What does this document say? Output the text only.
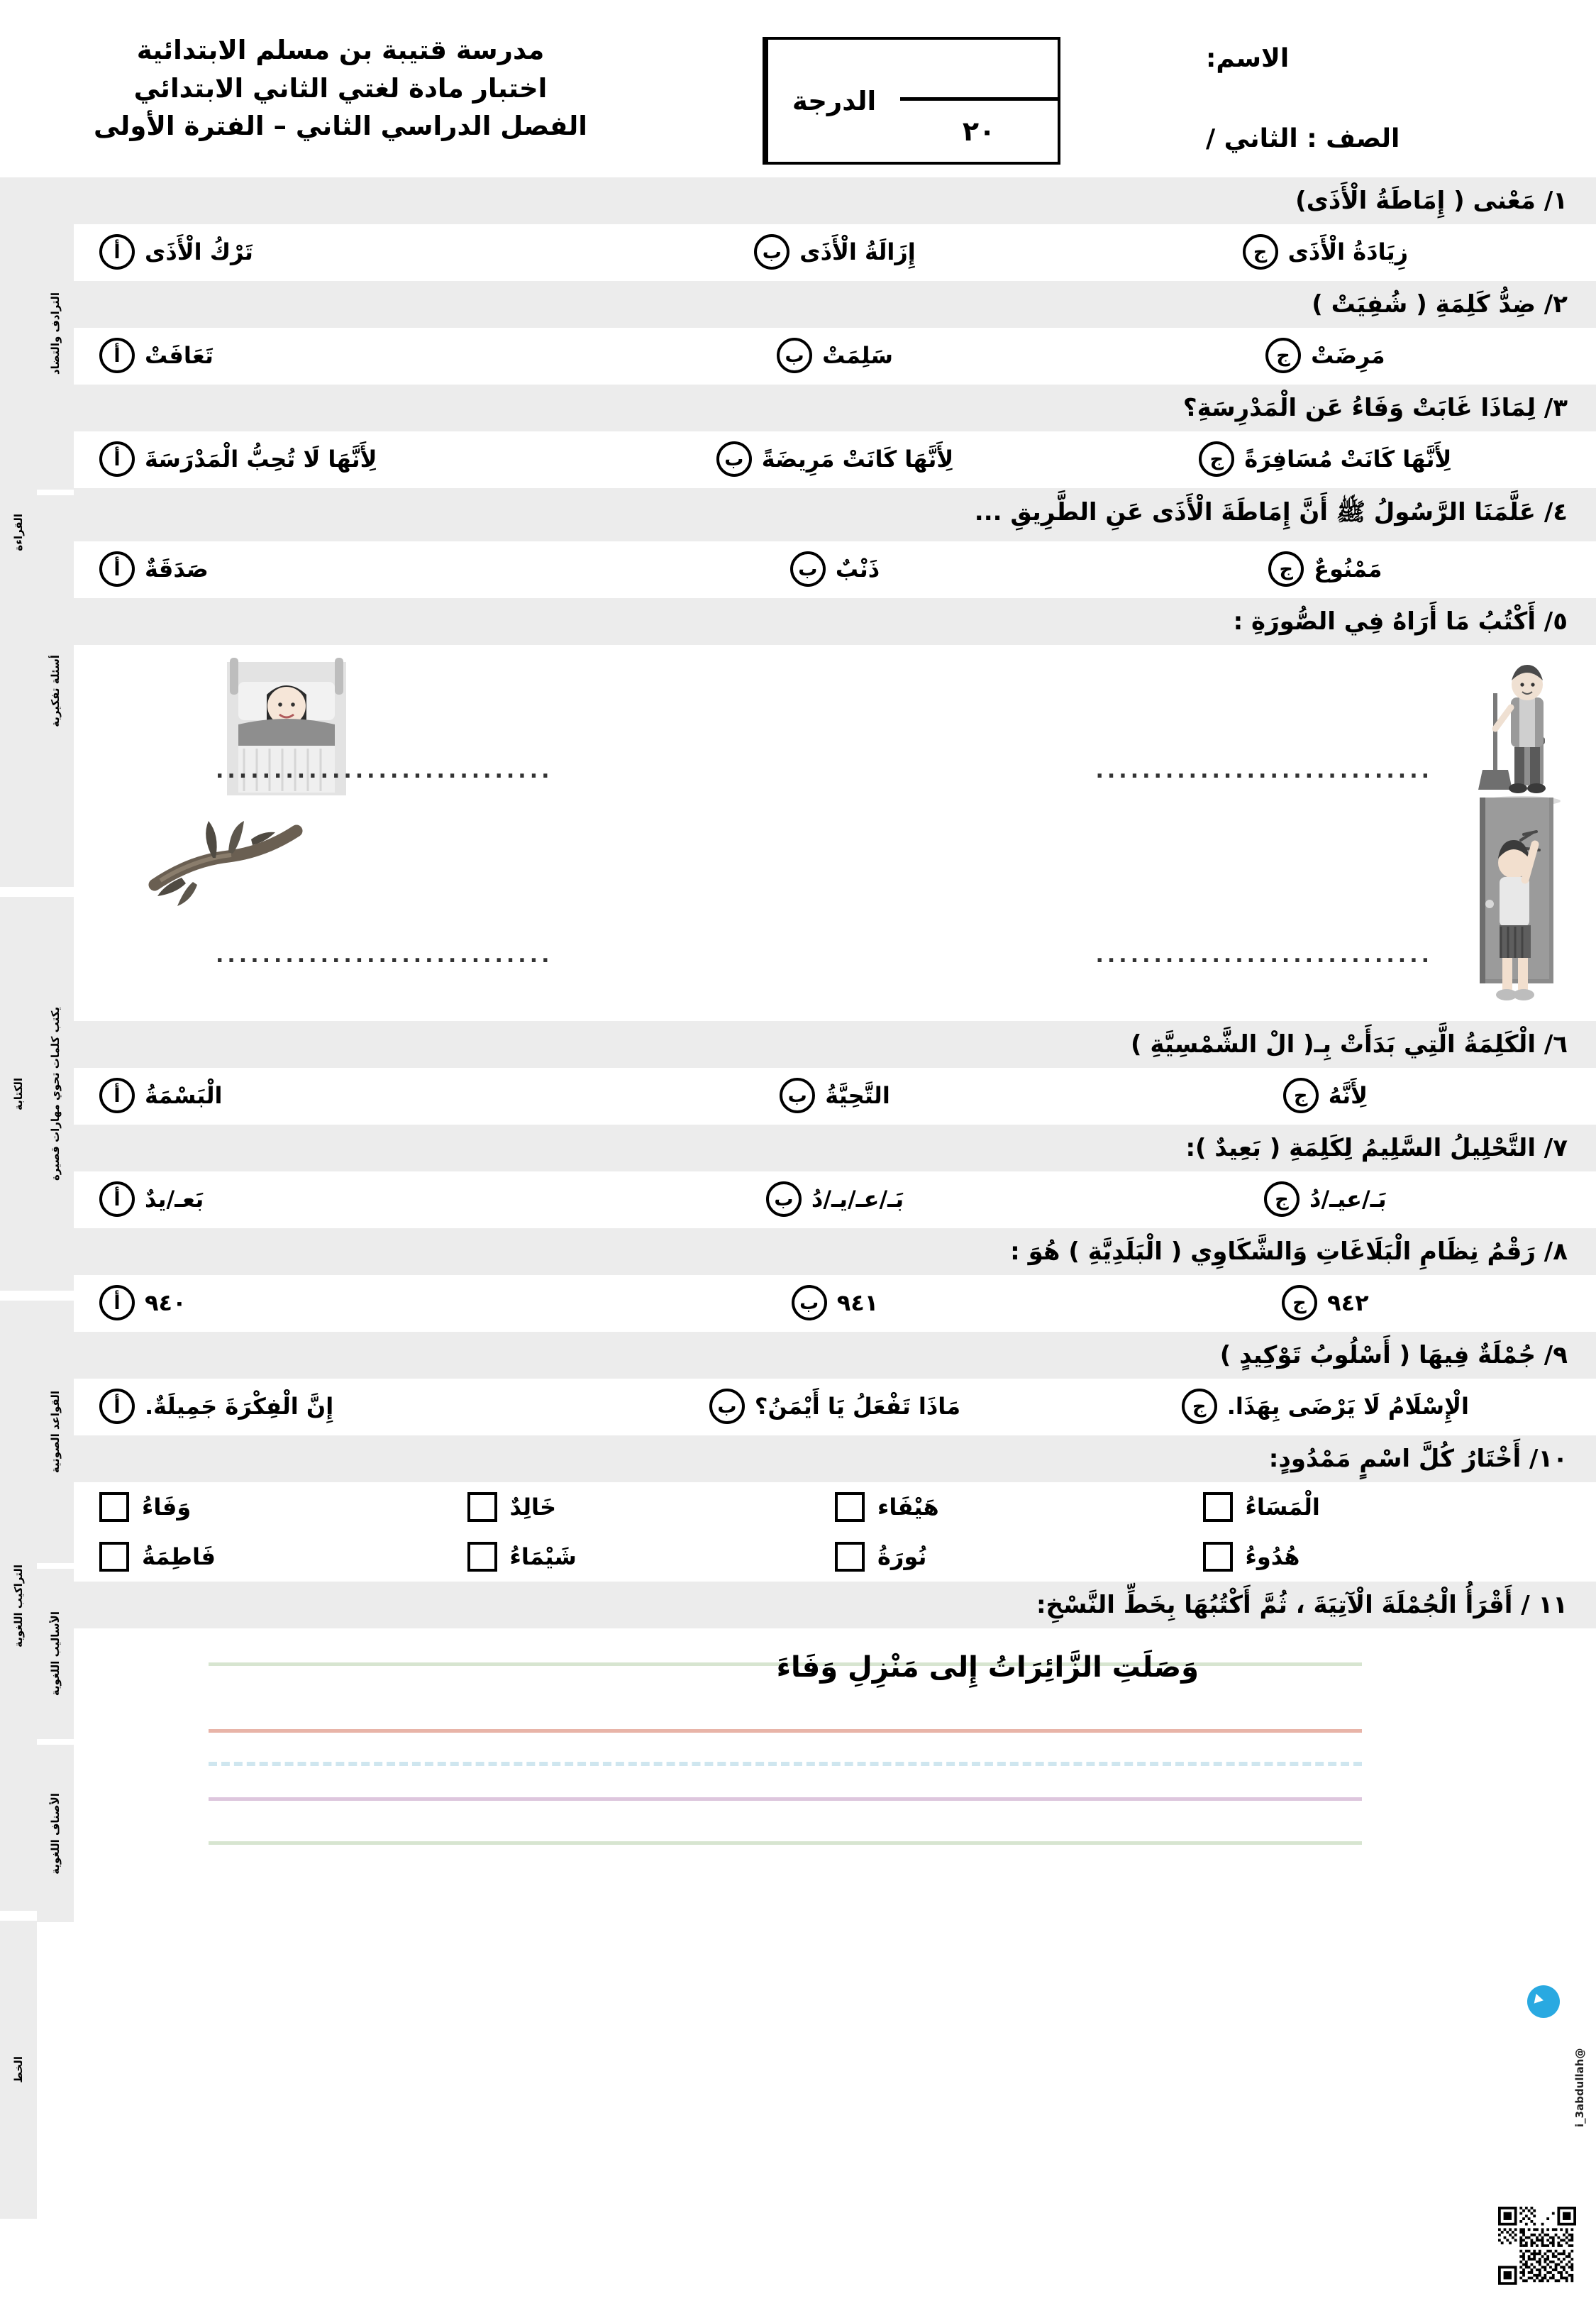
مدرسة قتيبة بن مسلم الابتدائية
اختبار مادة لغتي الثاني الابتدائي
الفصل الدراسي الثاني – الفترة الأولى
الدرجة
٢٠
الاسم:
الصف : الثاني /
القراءة
الكتابة
التراكيب اللغوية
الخط
الترادف والتضاد
أسئلة تفكيرية
يكتب كلمات تحوي مهارات قصيرة
القواعد الصوتية
الأساليب اللغوية
الأصناف اللغوية
١/ مَعْنى ( إِمَاطَةُ الْأَذَى)
أ	تَرْكُ الْأَذَى	ب إِزَالَةُ الْأَذَى	ج زِيَادَةُ الْأَذَى
٢/ ضِدُّ كَلِمَةِ ( شُفِيَتْ )
أ	تَعَافَتْ	ب سَلِمَتْ	ج مَرِضَتْ
٣/ لِمَاذَا غَابَتْ وَفَاءُ عَن الْمَدْرِسَةِ؟
أ	لِأَنَّهَا لَا تُحِبُّ الْمَدْرَسَةَ	ب لِأَنَّهَا كَانَتْ مَرِيضَةً	ج لِأَنَّهَا كَانَتْ مُسَافِرَةً
٤/ عَلَّمَنَا الرَّسُولُ ﷺ أَنَّ إِمَاطَةَ الْأَذَى عَنِ الطَّرِيقِ ...
أ	صَدَقَةٌ	ب ذَنْبٌ	ج مَمْنُوعٌ
٥/ أَكْتُبُ مَا أَرَاهُ فِي الصُّورَةِ :
.............................
.............................
.............................
.............................
٦/ الْكَلِمَةُ الَّتِي بَدَأَتْ بِـ( الْ الشَّمْسِيَّةِ )
أ	الْبَسْمَةُ	ب التَّحِيَّةُ	ج لِأَنَّهُ
٧/ التَّحْلِيلُ السَّلِيمُ لِكَلِمَةِ ( بَعِيدٌ ):
أ	بَعـ/يدٌ	ب بَـ/عـ/يـ/دُ	ج بَـ/عيـ/دُ
٨/ رَقْمُ نِظَامِ الْبَلَاغَاتِ وَالشَّكَاوِي ( الْبَلَدِيَّةِ ) هُوَ :
أ	٩٤٠	ب ٩٤١	ج ٩٤٢
٩/ جُمْلَةٌ فِيهَا ( أَسْلُوبُ تَوْكِيدٍ )
أ	إِنَّ الْفِكْرَةَ جَمِيلَةٌ.	ب مَاذَا تَفْعَلُ يَا أَيْمَنُ؟	ج الْإِسْلَامُ لَا يَرْضَى بِهَذَا.
١٠/ أَخْتَارُ كُلَّ اسْمٍ مَمْدُودٍ:
وَفَاءُ	خَالِدٌ	هَيْفَاء	الْمَسَاءُ
فَاطِمَةُ	شَيْمَاءُ	نُورَةُ	هُدُوءُ
١١ / أَقْرَأُ الْجُمْلَةَ الْآتِيَةَ ، ثُمَّ أَكْتُبُهَا بِخَطِّ النَّسْخِ:
وَصَلَتِ الزَّائِرَاتُ إِلى مَنْزِلِ وَفَاءَ
@i_3abdullah
